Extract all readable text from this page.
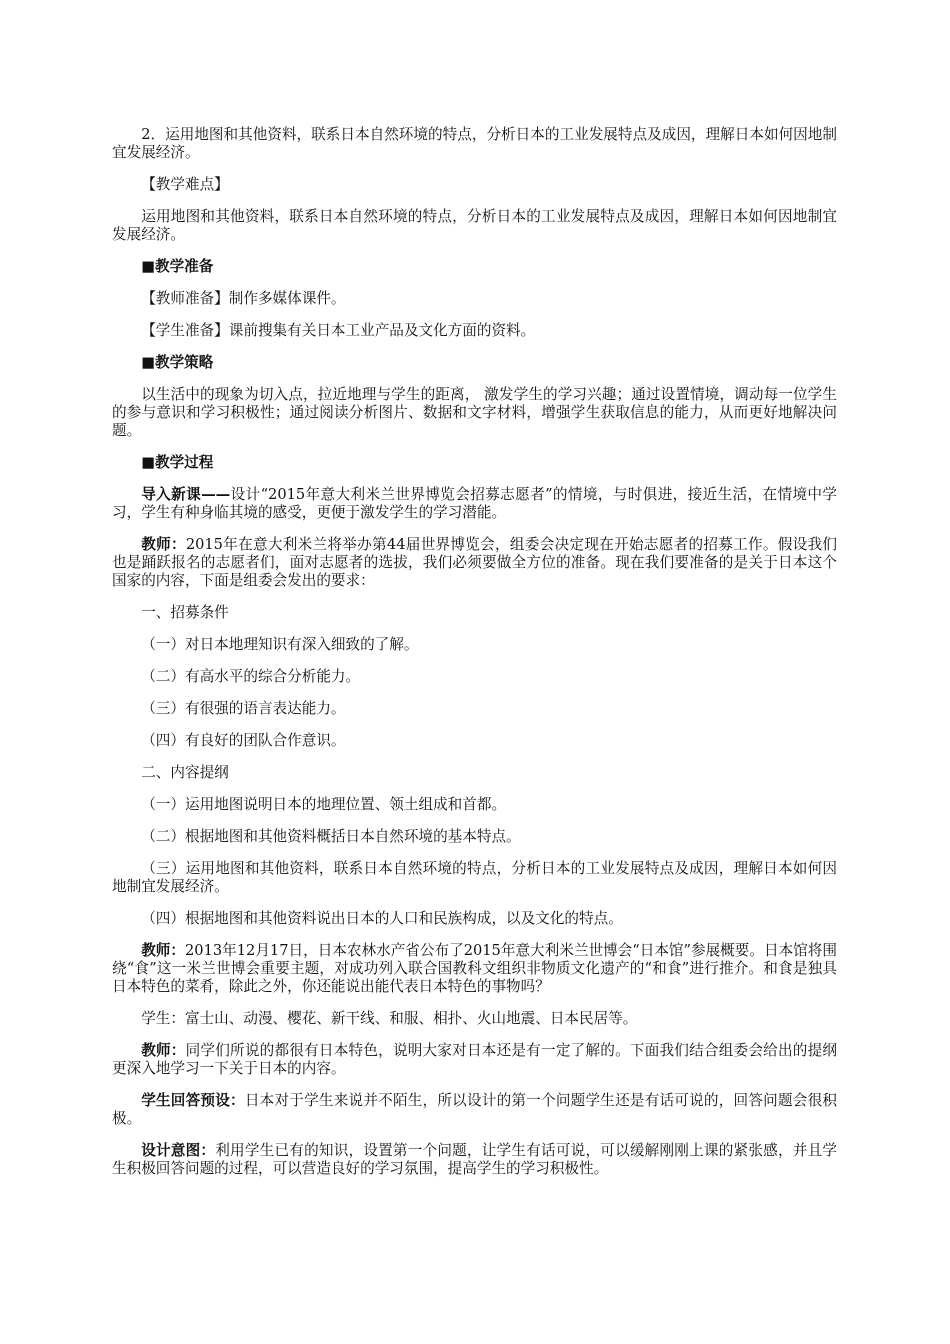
2．运用地图和其他资料，联系日本自然环境的特点，分析日本的工业发展特点及成因，理解日本如何因地制宜发展经济。

【教学难点】

运用地图和其他资料，联系日本自然环境的特点，分析日本的工业发展特点及成因，理解日本如何因地制宜发展经济。

■教学准备

【教师准备】制作多媒体课件。

【学生准备】课前搜集有关日本工业产品及文化方面的资料。

■教学策略

以生活中的现象为切入点，拉近地理与学生的距离， 激发学生的学习兴趣；通过设置情境，调动每一位学生的参与意识和学习积极性；通过阅读分析图片、数据和文字材料，增强学生获取信息的能力，从而更好地解决问题。

■教学过程

导入新课——设计“2015年意大利米兰世界博览会招募志愿者”的情境，与时俱进，接近生活，在情境中学习，学生有种身临其境的感受，更便于激发学生的学习潜能。

教师：2015年在意大利米兰将举办第44届世界博览会，组委会决定现在开始志愿者的招募工作。假设我们也是踊跃报名的志愿者们，面对志愿者的选拔，我们必须要做全方位的准备。现在我们要准备的是关于日本这个国家的内容，下面是组委会发出的要求：

一、招募条件

（一）对日本地理知识有深入细致的了解。

（二）有高水平的综合分析能力。

（三）有很强的语言表达能力。

（四）有良好的团队合作意识。

二、内容提纲

（一）运用地图说明日本的地理位置、领土组成和首都。

（二）根据地图和其他资料概括日本自然环境的基本特点。

（三）运用地图和其他资料，联系日本自然环境的特点，分析日本的工业发展特点及成因，理解日本如何因地制宜发展经济。

（四）根据地图和其他资料说出日本的人口和民族构成，以及文化的特点。

教师：2013年12月17日，日本农林水产省公布了2015年意大利米兰世博会“日本馆”参展概要。日本馆将围绕“食”这一米兰世博会重要主题，对成功列入联合国教科文组织非物质文化遗产的“和食”进行推介。和食是独具日本特色的菜肴，除此之外，你还能说出能代表日本特色的事物吗？

学生：富士山、动漫、樱花、新干线、和服、相扑、火山地震、日本民居等。

教师：同学们所说的都很有日本特色，说明大家对日本还是有一定了解的。下面我们结合组委会给出的提纲更深入地学习一下关于日本的内容。

学生回答预设：日本对于学生来说并不陌生，所以设计的第一个问题学生还是有话可说的，回答问题会很积极。

设计意图：利用学生已有的知识，设置第一个问题，让学生有话可说，可以缓解刚刚上课的紧张感，并且学生积极回答问题的过程，可以营造良好的学习氛围，提高学生的学习积极性。
